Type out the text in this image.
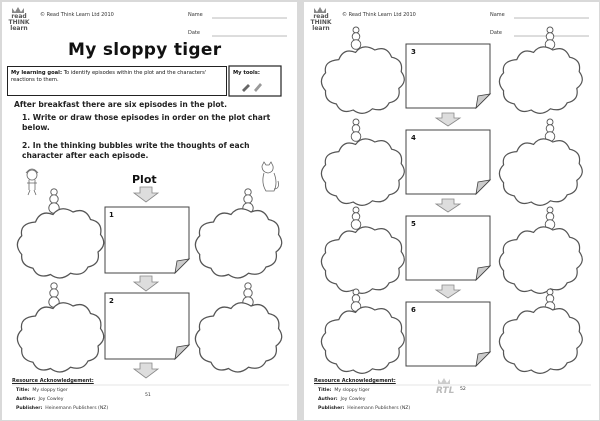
read
THINK
learn
© Read Think Learn Ltd 2010	Name
Date
My sloppy tiger
My learning goal: To identify episodes within the plot and the characters' reactions to them.
My tools:
After breakfast there are six episodes in the plot.
1. Write or draw those episodes in order on the plot chart below.
2. In the thinking bubbles write the thoughts of each character after each episode.
Plot
1
2
Resource Acknowledgement:
Title: My sloppy tiger
Author: Joy Cowley
Publisher: Heinemann Publishers (NZ)
51
read
THINK
learn
© Read Think Learn Ltd 2010	Name
Date
3
4
5
6
Resource Acknowledgement:
Title: My sloppy tiger
Author: Joy Cowley
Publisher: Heinemann Publishers (NZ)
RTL 52
